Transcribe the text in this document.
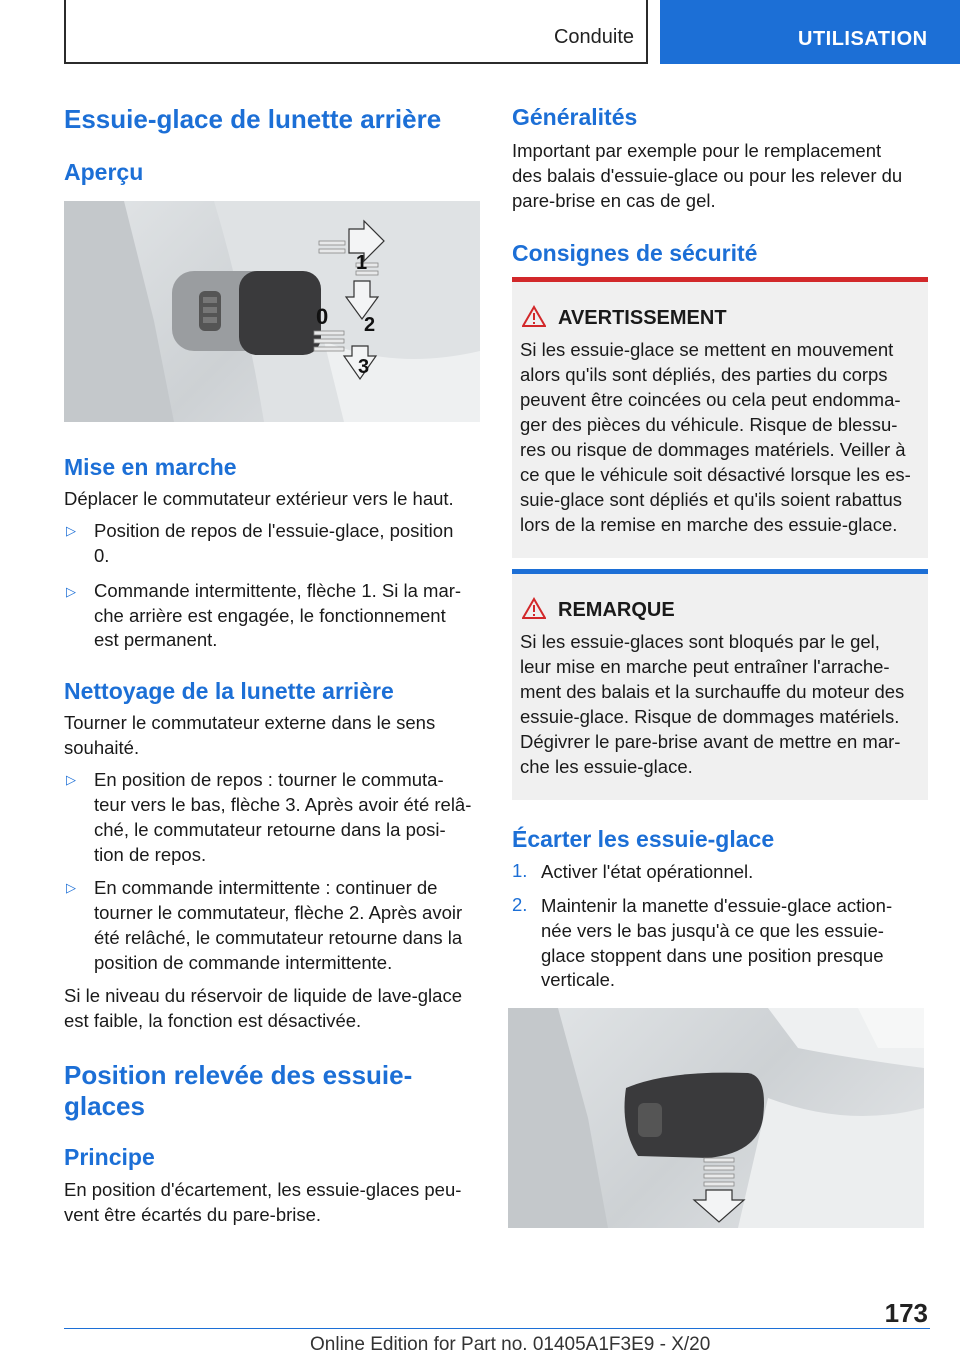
Conduite	UTILISATION
Essuie-glace de lunette arrière
Aperçu
1
2
3
0
Mise en marche
Déplacer le commutateur extérieur vers le haut.
▷ Position de repos de l'essuie-glace, position
0.
▷ Commande intermittente, flèche 1. Si la mar-
che arrière est engagée, le fonctionnement
est permanent.
Nettoyage de la lunette arrière
Tourner le commutateur externe dans le sens
souhaité.
▷ En position de repos : tourner le commuta-
teur vers le bas, flèche 3. Après avoir été relâ-
ché, le commutateur retourne dans la posi-
tion de repos.
▷ En commande intermittente : continuer de
tourner le commutateur, flèche 2. Après avoir
été relâché, le commutateur retourne dans la
position de commande intermittente.
Si le niveau du réservoir de liquide de lave-glace
est faible, la fonction est désactivée.
Position relevée des essuie-
glaces
Principe
En position d'écartement, les essuie-glaces peu-
vent être écartés du pare-brise.
Généralités
Important par exemple pour le remplacement
des balais d'essuie-glace ou pour les relever du
pare-brise en cas de gel.
Consignes de sécurité
AVERTISSEMENT
Si les essuie-glace se mettent en mouvement
alors qu'ils sont dépliés, des parties du corps
peuvent être coincées ou cela peut endomma-
ger des pièces du véhicule. Risque de blessu-
res ou risque de dommages matériels. Veiller à
ce que le véhicule soit désactivé lorsque les es-
suie-glace sont dépliés et qu'ils soient rabattus
lors de la remise en marche des essuie-glace.
REMARQUE
Si les essuie-glaces sont bloqués par le gel,
leur mise en marche peut entraîner l'arrache-
ment des balais et la surchauffe du moteur des
essuie-glace. Risque de dommages matériels.
Dégivrer le pare-brise avant de mettre en mar-
che les essuie-glace.
Écarter les essuie-glace
1. Activer l'état opérationnel.
2. Maintenir la manette d'essuie-glace action-
née vers le bas jusqu'à ce que les essuie-
glace stoppent dans une position presque
verticale.
173
Online Edition for Part no. 01405A1F3E9 - X/20
